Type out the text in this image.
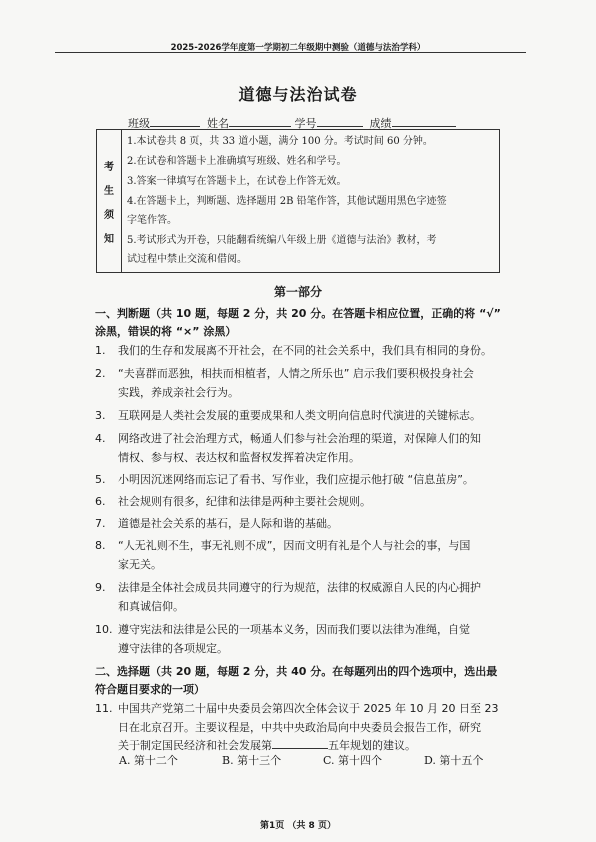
2025-2026学年度第一学期初二年级期中测验（道德与法治学科）
道德与法治试卷
班级	姓名	学号	成绩
考
生
须
知
1.本试卷共 8 页，共 33 道小题，满分 100 分。考试时间 60 分钟。
2.在试卷和答题卡上准确填写班级、姓名和学号。
3.答案一律填写在答题卡上，在试卷上作答无效。
4.在答题卡上，判断题、选择题用 2B 铅笔作答，其他试题用黑色字迹签
字笔作答。
5.考试形式为开卷，只能翻看统编八年级上册《道德与法治》教材，考
试过程中禁止交流和借阅。
第一部分
一、判断题（共 10 题，每题 2 分，共 20 分。在答题卡相应位置，正确的将 “√”
涂黑，错误的将 “×” 涂黑）
1. 我们的生存和发展离不开社会，在不同的社会关系中，我们具有相同的身份。
2. “夫喜群而恶独，相扶而相植者，人情之所乐也” 启示我们要积极投身社会
实践，养成亲社会行为。
3. 互联网是人类社会发展的重要成果和人类文明向信息时代演进的关键标志。
4. 网络改进了社会治理方式，畅通人们参与社会治理的渠道，对保障人们的知
情权、参与权、表达权和监督权发挥着决定作用。
5. 小明因沉迷网络而忘记了看书、写作业，我们应提示他打破 “信息茧房”。
6. 社会规则有很多，纪律和法律是两种主要社会规则。
7. 道德是社会关系的基石，是人际和谐的基础。
8. “人无礼则不生，事无礼则不成”，因而文明有礼是个人与社会的事，与国
家无关。
9. 法律是全体社会成员共同遵守的行为规范，法律的权威源自人民的内心拥护
和真诚信仰。
10. 遵守宪法和法律是公民的一项基本义务，因而我们要以法律为准绳，自觉
遵守法律的各项规定。
二、选择题（共 20 题，每题 2 分，共 40 分。在每题列出的四个选项中，选出最
符合题目要求的一项）
11. 中国共产党第二十届中央委员会第四次全体会议于 2025 年 10 月 20 日至 23
日在北京召开。主要议程是，中共中央政治局向中央委员会报告工作，研究
关于制定国民经济和社会发展第	五年规划的建议。
A. 第十二个	B. 第十三个	C. 第十四个	D. 第十五个
第1页 （共 8 页）
